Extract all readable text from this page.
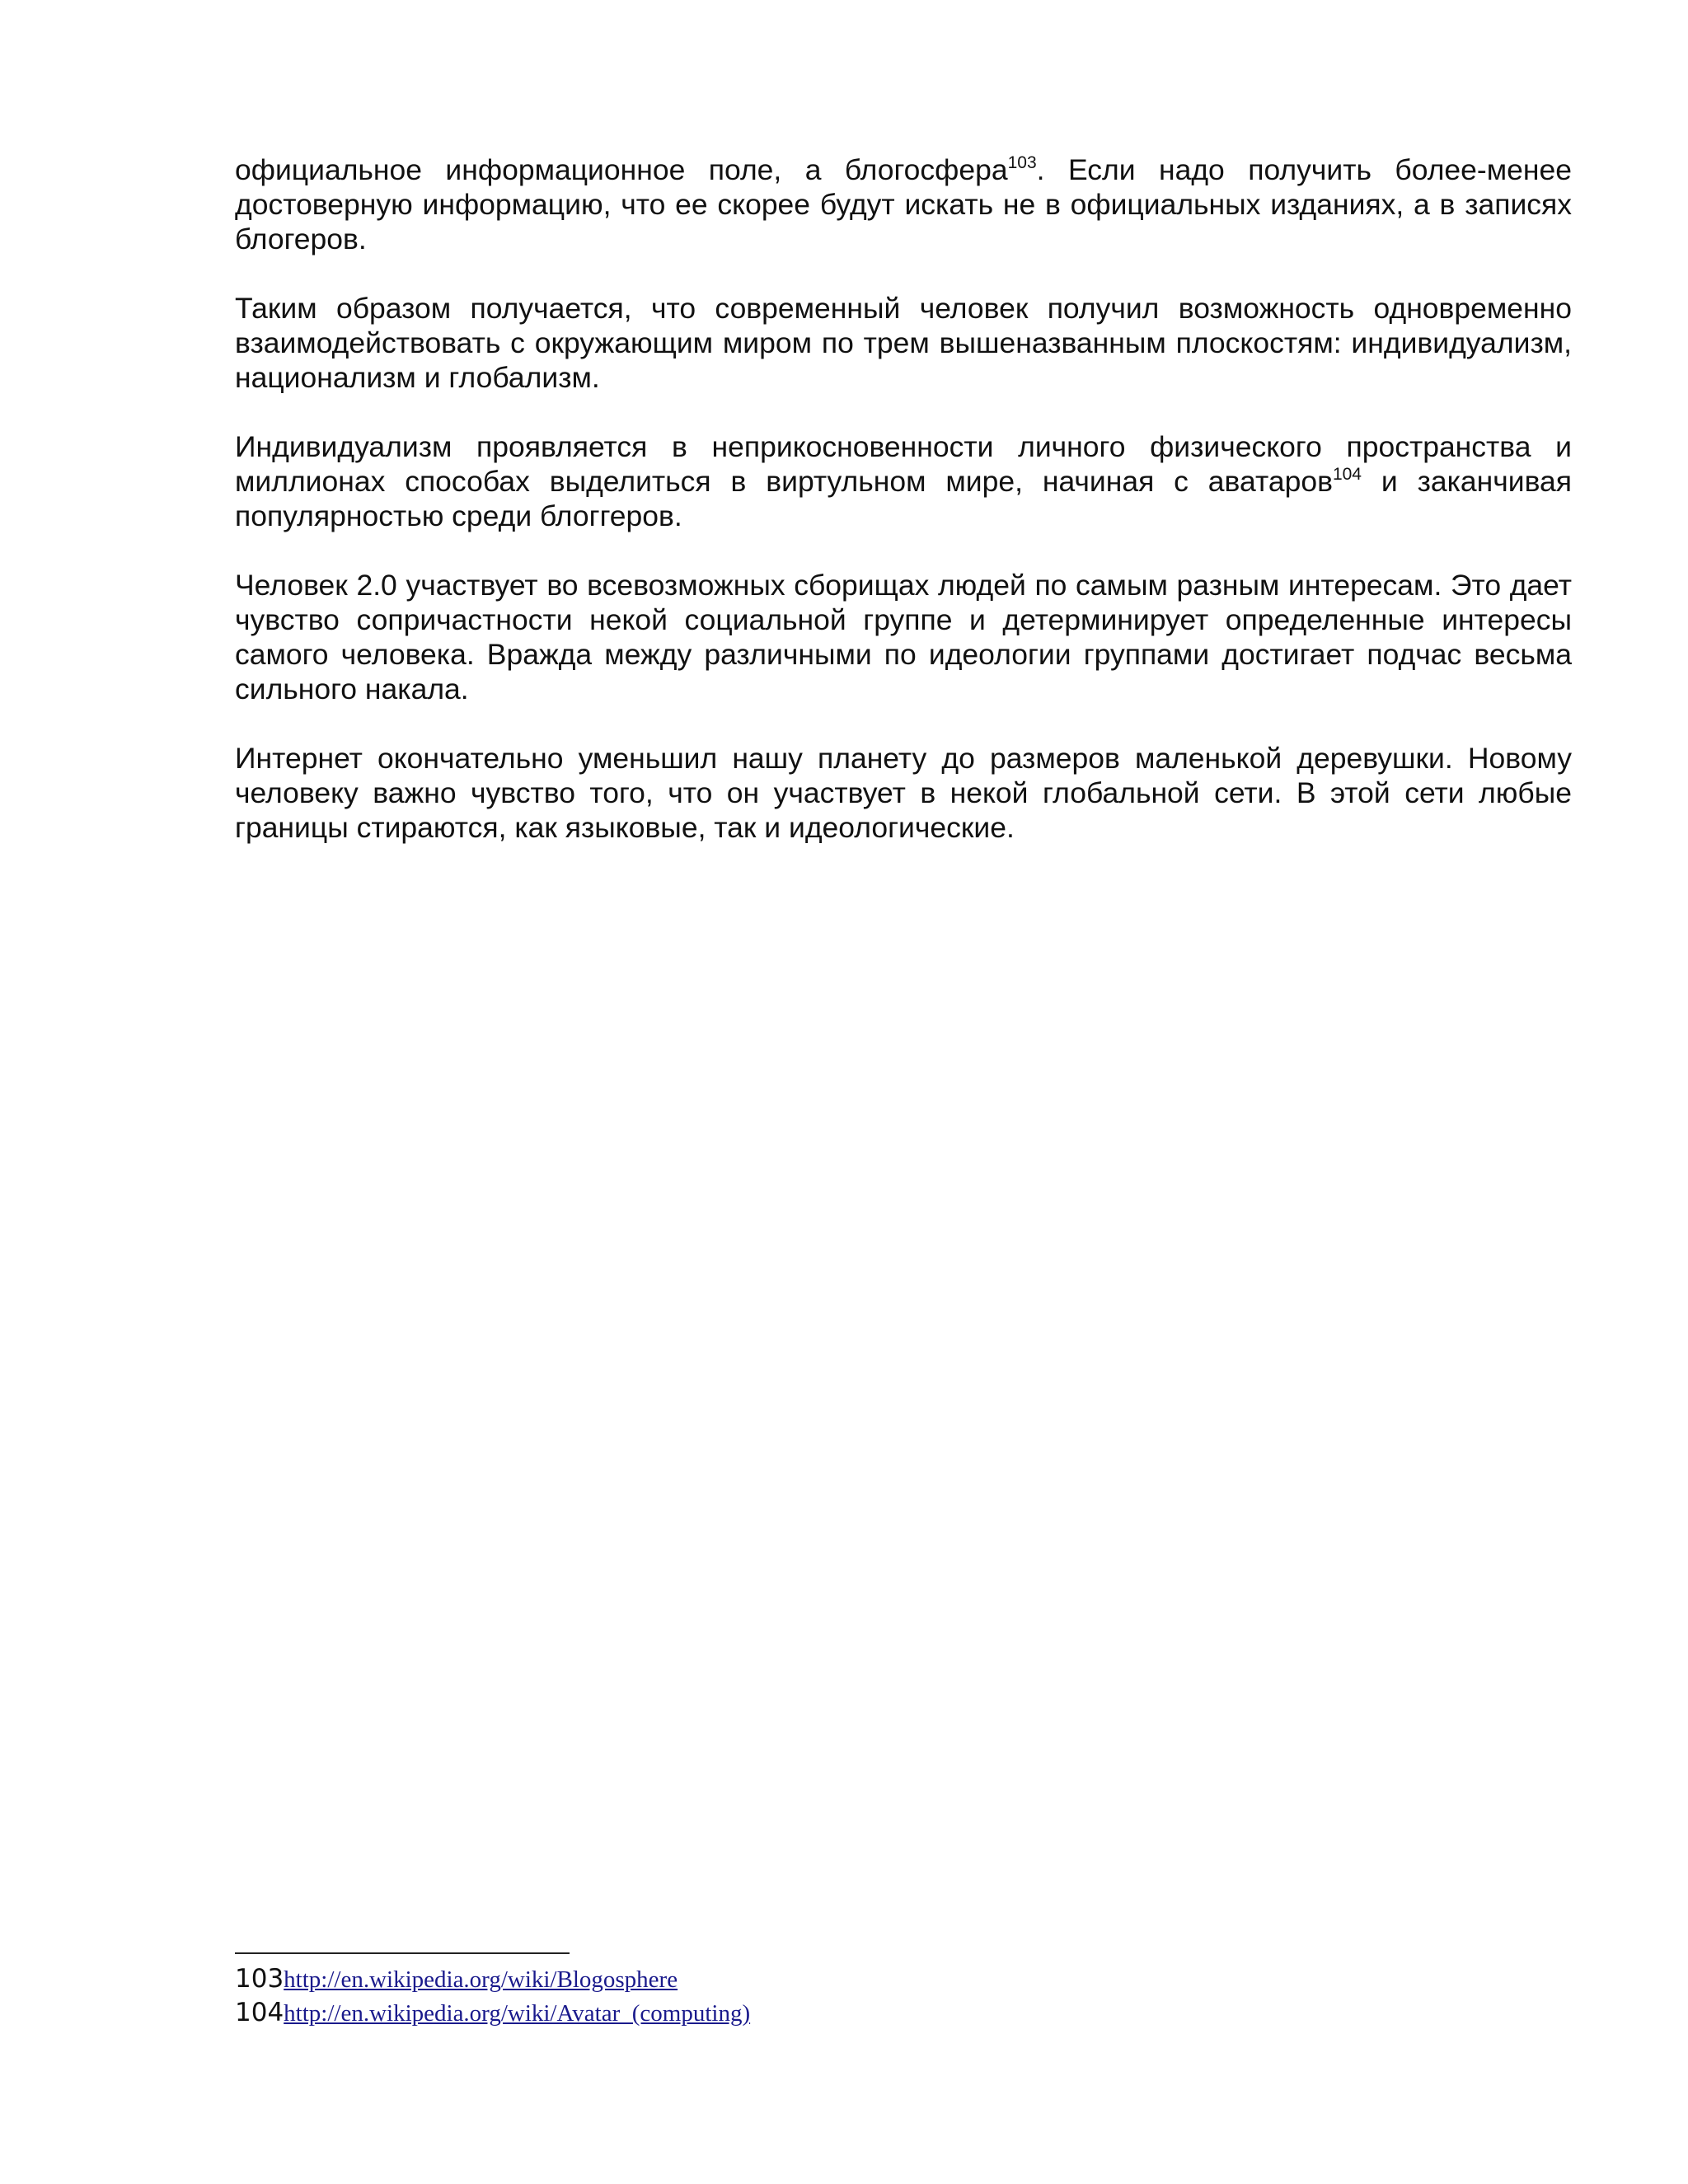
официальное информационное поле, а блогосфера$^{103}$. Если надо получить более-менее достоверную информацию, что ее скорее будут искать не в официальных изданиях, а в записях блогеров.

Таким образом получается, что современный человек получил возможность одновременно взаимодействовать с окружающим миром по трем вышеназванным плоскостям: индивидуализм, национализм и глобализм.

Индивидуализм проявляется в неприкосновенности личного физического пространства и миллионах способах выделиться в виртульном мире, начиная с аватаров$^{104}$ и заканчивая популярностью среди блоггеров.

Человек 2.0 участвует во всевозможных сборищах людей по самым разным интересам. Это дает чувство сопричастности некой социальной группе и детерминирует определенные интересы самого человека. Вражда между различными по идеологии группами достигает подчас весьма сильного накала.

Интернет окончательно уменьшил нашу планету до размеров маленькой деревушки. Новому человеку важно чувство того, что он участвует в некой глобальной сети. В этой сети любые границы стираются, как языковые, так и идеологические.

103http://en.wikipedia.org/wiki/Blogosphere
104http://en.wikipedia.org/wiki/Avatar_(computing)
